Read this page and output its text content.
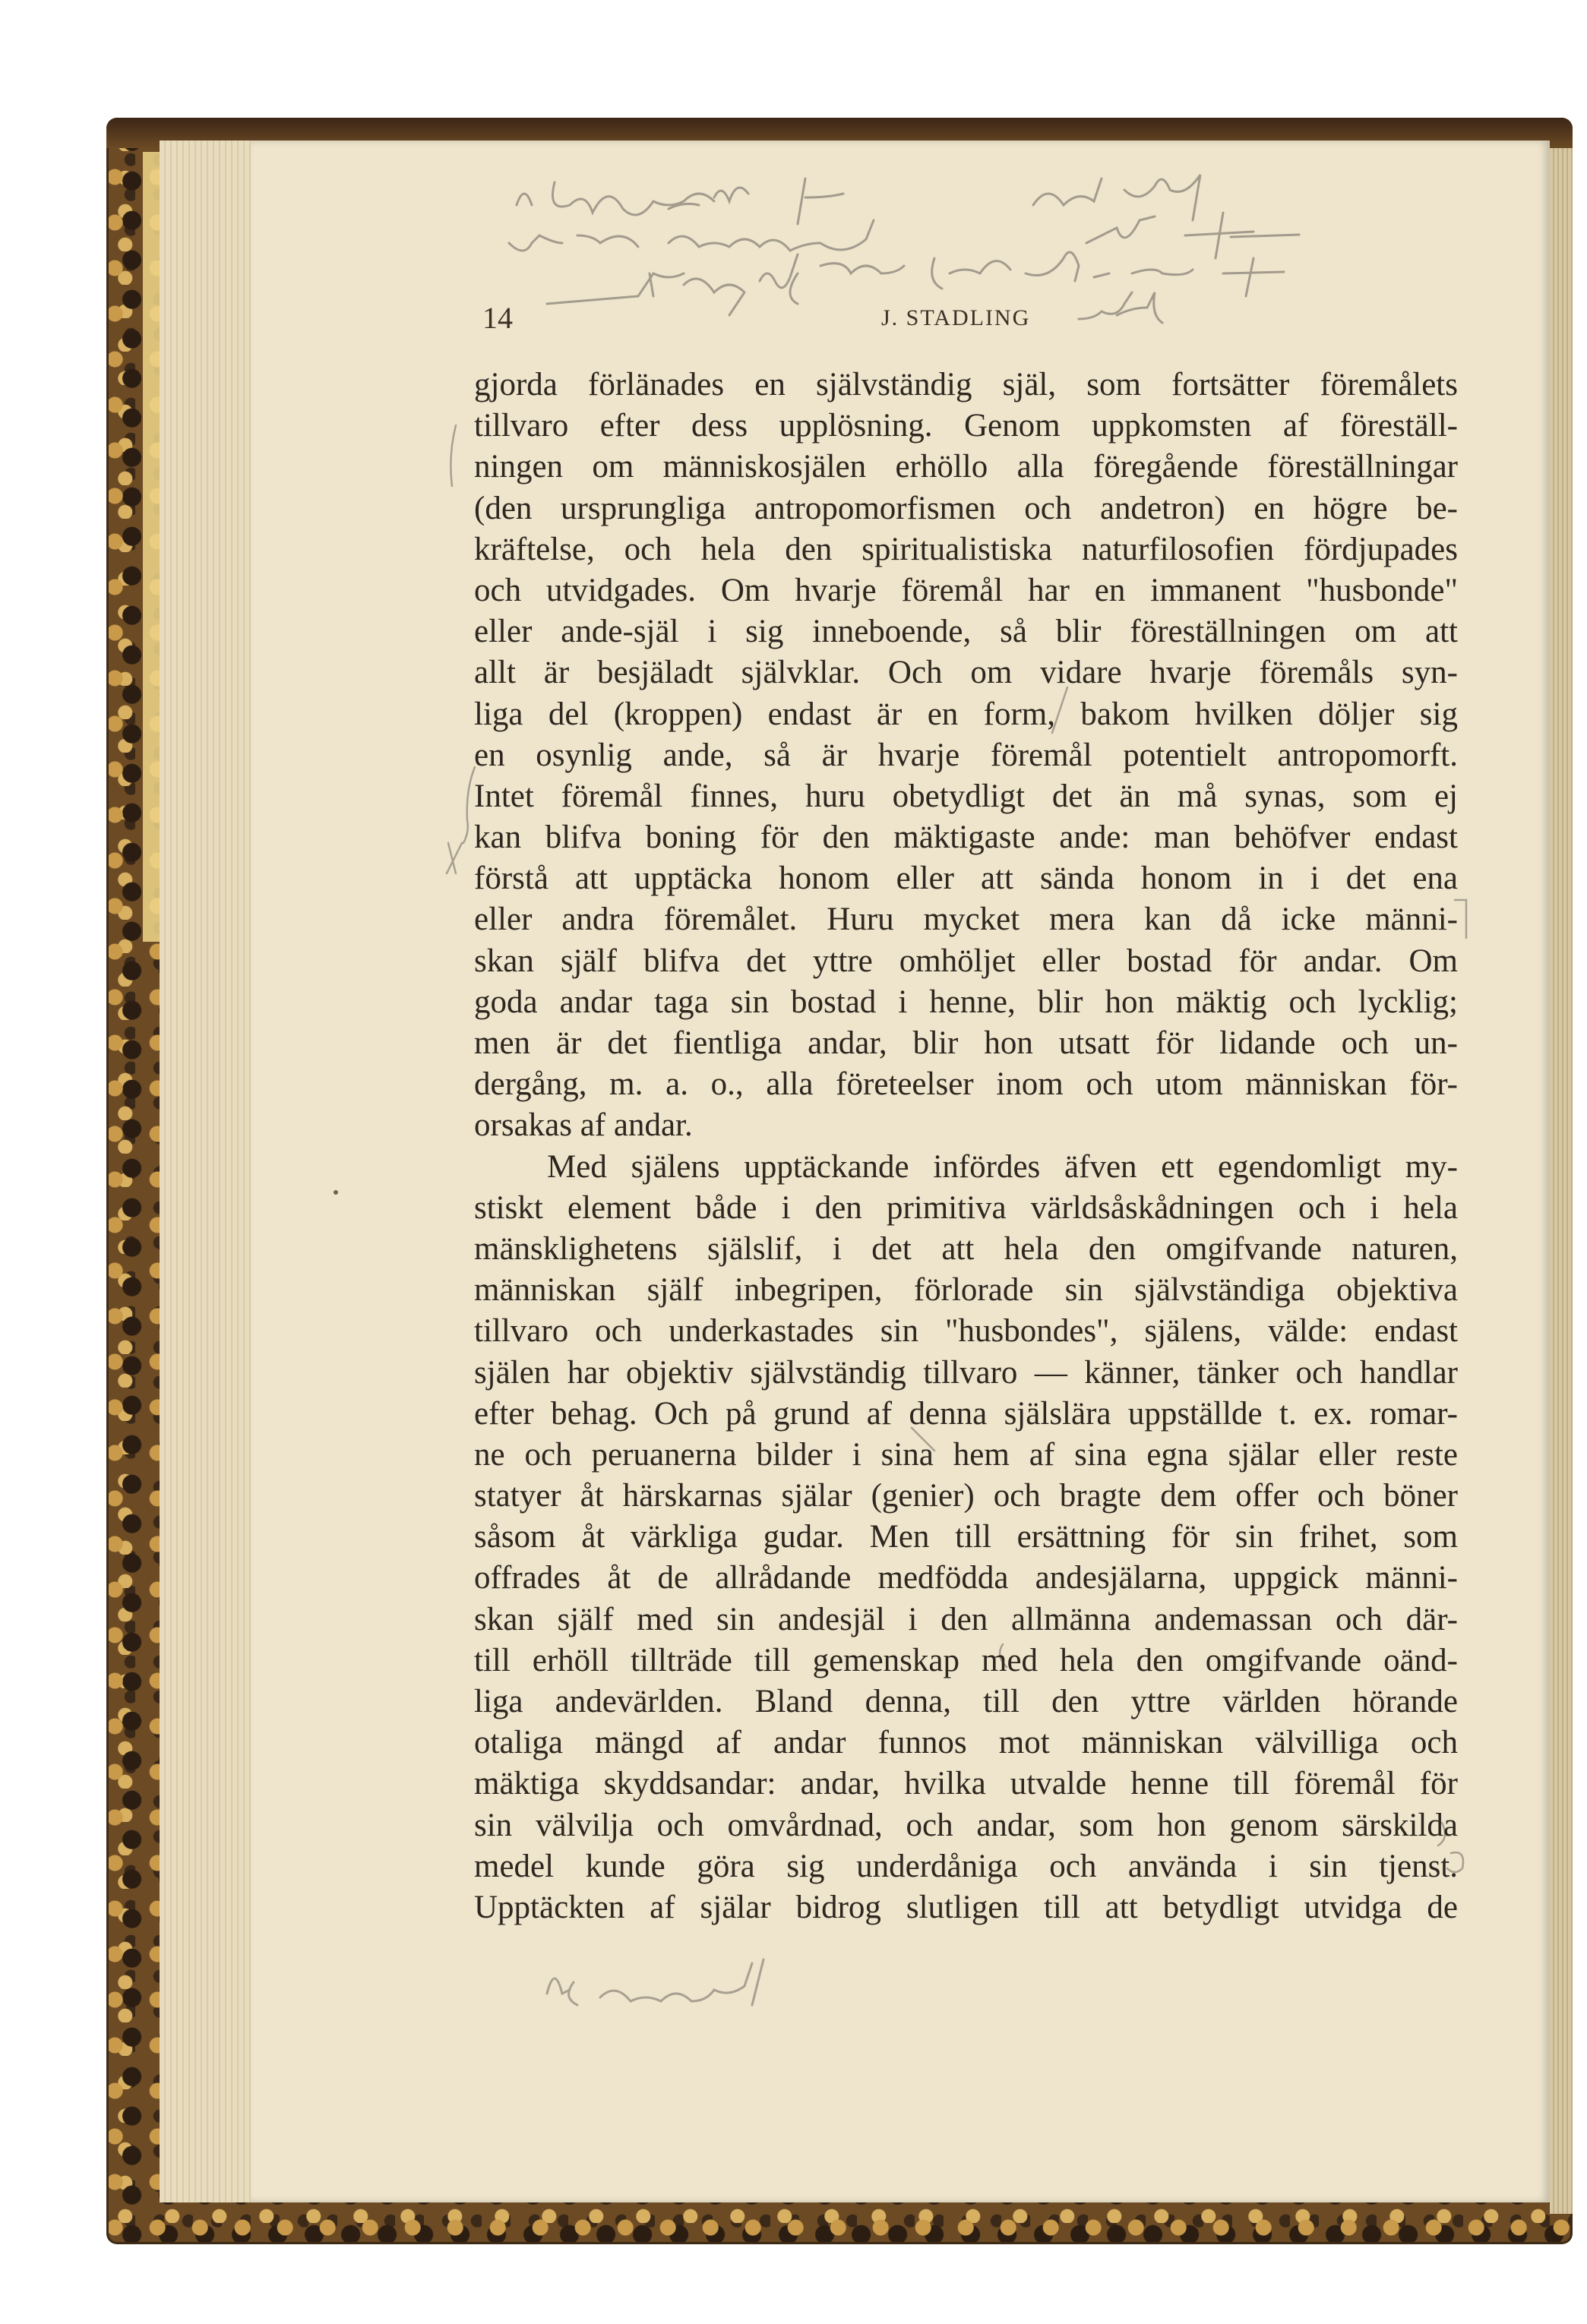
14	J. STADLING
gjorda förlänades en självständig själ, som fortsätter föremålets
tillvaro efter dess upplösning. Genom uppkomsten af föreställ-
ningen om människosjälen erhöllo alla föregående föreställningar
(den ursprungliga antropomorfismen och andetron) en högre be-
kräftelse, och hela den spiritualistiska naturfilosofien fördjupades
och utvidgades. Om hvarje föremål har en immanent "husbonde"
eller ande-själ i sig inneboende, så blir föreställningen om att
allt är besjäladt självklar. Och om vidare hvarje föremåls syn-
liga del (kroppen) endast är en form, bakom hvilken döljer sig
en osynlig ande, så är hvarje föremål potentielt antropomorft.
Intet föremål finnes, huru obetydligt det än må synas, som ej
kan blifva boning för den mäktigaste ande: man behöfver endast
förstå att upptäcka honom eller att sända honom in i det ena
eller andra föremålet. Huru mycket mera kan då icke männi-
skan själf blifva det yttre omhöljet eller bostad för andar. Om
goda andar taga sin bostad i henne, blir hon mäktig och lycklig;
men är det fientliga andar, blir hon utsatt för lidande och un-
dergång, m. a. o., alla företeelser inom och utom människan för-
orsakas af andar.
Med själens upptäckande infördes äfven ett egendomligt my-
stiskt element både i den primitiva världsåskådningen och i hela
mänsklighetens själslif, i det att hela den omgifvande naturen,
människan själf inbegripen, förlorade sin självständiga objektiva
tillvaro och underkastades sin "husbondes", själens, välde: endast
själen har objektiv självständig tillvaro — känner, tänker och handlar
efter behag. Och på grund af denna själslära uppställde t. ex. romar-
ne och peruanerna bilder i sina hem af sina egna själar eller reste
statyer åt härskarnas själar (genier) och bragte dem offer och böner
såsom åt värkliga gudar. Men till ersättning för sin frihet, som
offrades åt de allrådande medfödda andesjälarna, uppgick männi-
skan själf med sin andesjäl i den allmänna andemassan och där-
till erhöll tillträde till gemenskap med hela den omgifvande oänd-
liga andevärlden. Bland denna, till den yttre världen hörande
otaliga mängd af andar funnos mot människan välvilliga och
mäktiga skyddsandar: andar, hvilka utvalde henne till föremål för
sin välvilja och omvårdnad, och andar, som hon genom särskilda
medel kunde göra sig underdåniga och använda i sin tjenst.
Upptäckten af själar bidrog slutligen till att betydligt utvidga de
